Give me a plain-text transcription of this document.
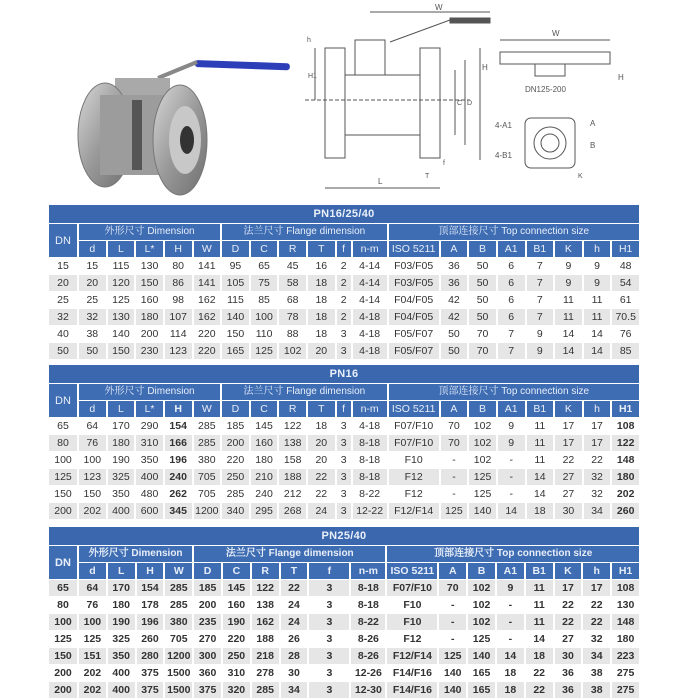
W
L
H
D
C
H1
h
f
T
W
DN125-200
H
4-A1
4-B1
A
B
K
PN16/25/40																			
DN	外形尺寸 Dimension					法兰尺寸 Flange dimension						顶部连接尺寸 Top connection size							
	d	L	L*	H	W	D	C	R	T	f	n-m	ISO 5211	A	B	A1	B1	K	h	H1
15	15	115	130	80	141	95	65	45	16	2	4-14	F03/F05	36	50	6	7	9	9	48
20	20	120	150	86	141	105	75	58	18	2	4-14	F03/F05	36	50	6	7	9	9	54
25	25	125	160	98	162	115	85	68	18	2	4-14	F04/F05	42	50	6	7	11	11	61
32	32	130	180	107	162	140	100	78	18	2	4-18	F04/F05	42	50	6	7	11	11	70.5
40	38	140	200	114	220	150	110	88	18	3	4-18	F05/F07	50	70	7	9	14	14	76
50	50	150	230	123	220	165	125	102	20	3	4-18	F05/F07	50	70	7	9	14	14	85
PN16																			
DN	外形尺寸 Dimension					法兰尺寸 Flange dimension						顶部连接尺寸 Top connection size							
	d	L	L*	H	W	D	C	R	T	f	n-m	ISO 5211	A	B	A1	B1	K	h	H1
65	64	170	290	154	285	185	145	122	18	3	4-18	F07/F10	70	102	9	11	17	17	108
80	76	180	310	166	285	200	160	138	20	3	8-18	F07/F10	70	102	9	11	17	17	122
100	100	190	350	196	380	220	180	158	20	3	8-18	F10	-	102	-	11	22	22	148
125	123	325	400	240	705	250	210	188	22	3	8-18	F12	-	125	-	14	27	32	180
150	150	350	480	262	705	285	240	212	22	3	8-22	F12	-	125	-	14	27	32	202
200	202	400	600	345	1200	340	295	268	24	3	12-22	F12/F14	125	140	14	18	30	34	260
PN25/40																		
DN	外形尺寸 Dimension				法兰尺寸 Flange dimension						顶部连接尺寸 Top connection size							
	d	L	H	W	D	C	R	T	f	n-m	ISO 5211	A	B	A1	B1	K	h	H1
65	64	170	154	285	185	145	122	22	3	8-18	F07/F10	70	102	9	11	17	17	108
80	76	180	178	285	200	160	138	24	3	8-18	F10	-	102	-	11	22	22	130
100	100	190	196	380	235	190	162	24	3	8-22	F10	-	102	-	11	22	22	148
125	125	325	260	705	270	220	188	26	3	8-26	F12	-	125	-	14	27	32	180
150	151	350	280	1200	300	250	218	28	3	8-26	F12/F14	125	140	14	18	30	34	223
200	202	400	375	1500	360	310	278	30	3	12-26	F14/F16	140	165	18	22	36	38	275
200	202	400	375	1500	375	320	285	34	3	12-30	F14/F16	140	165	18	22	36	38	275
